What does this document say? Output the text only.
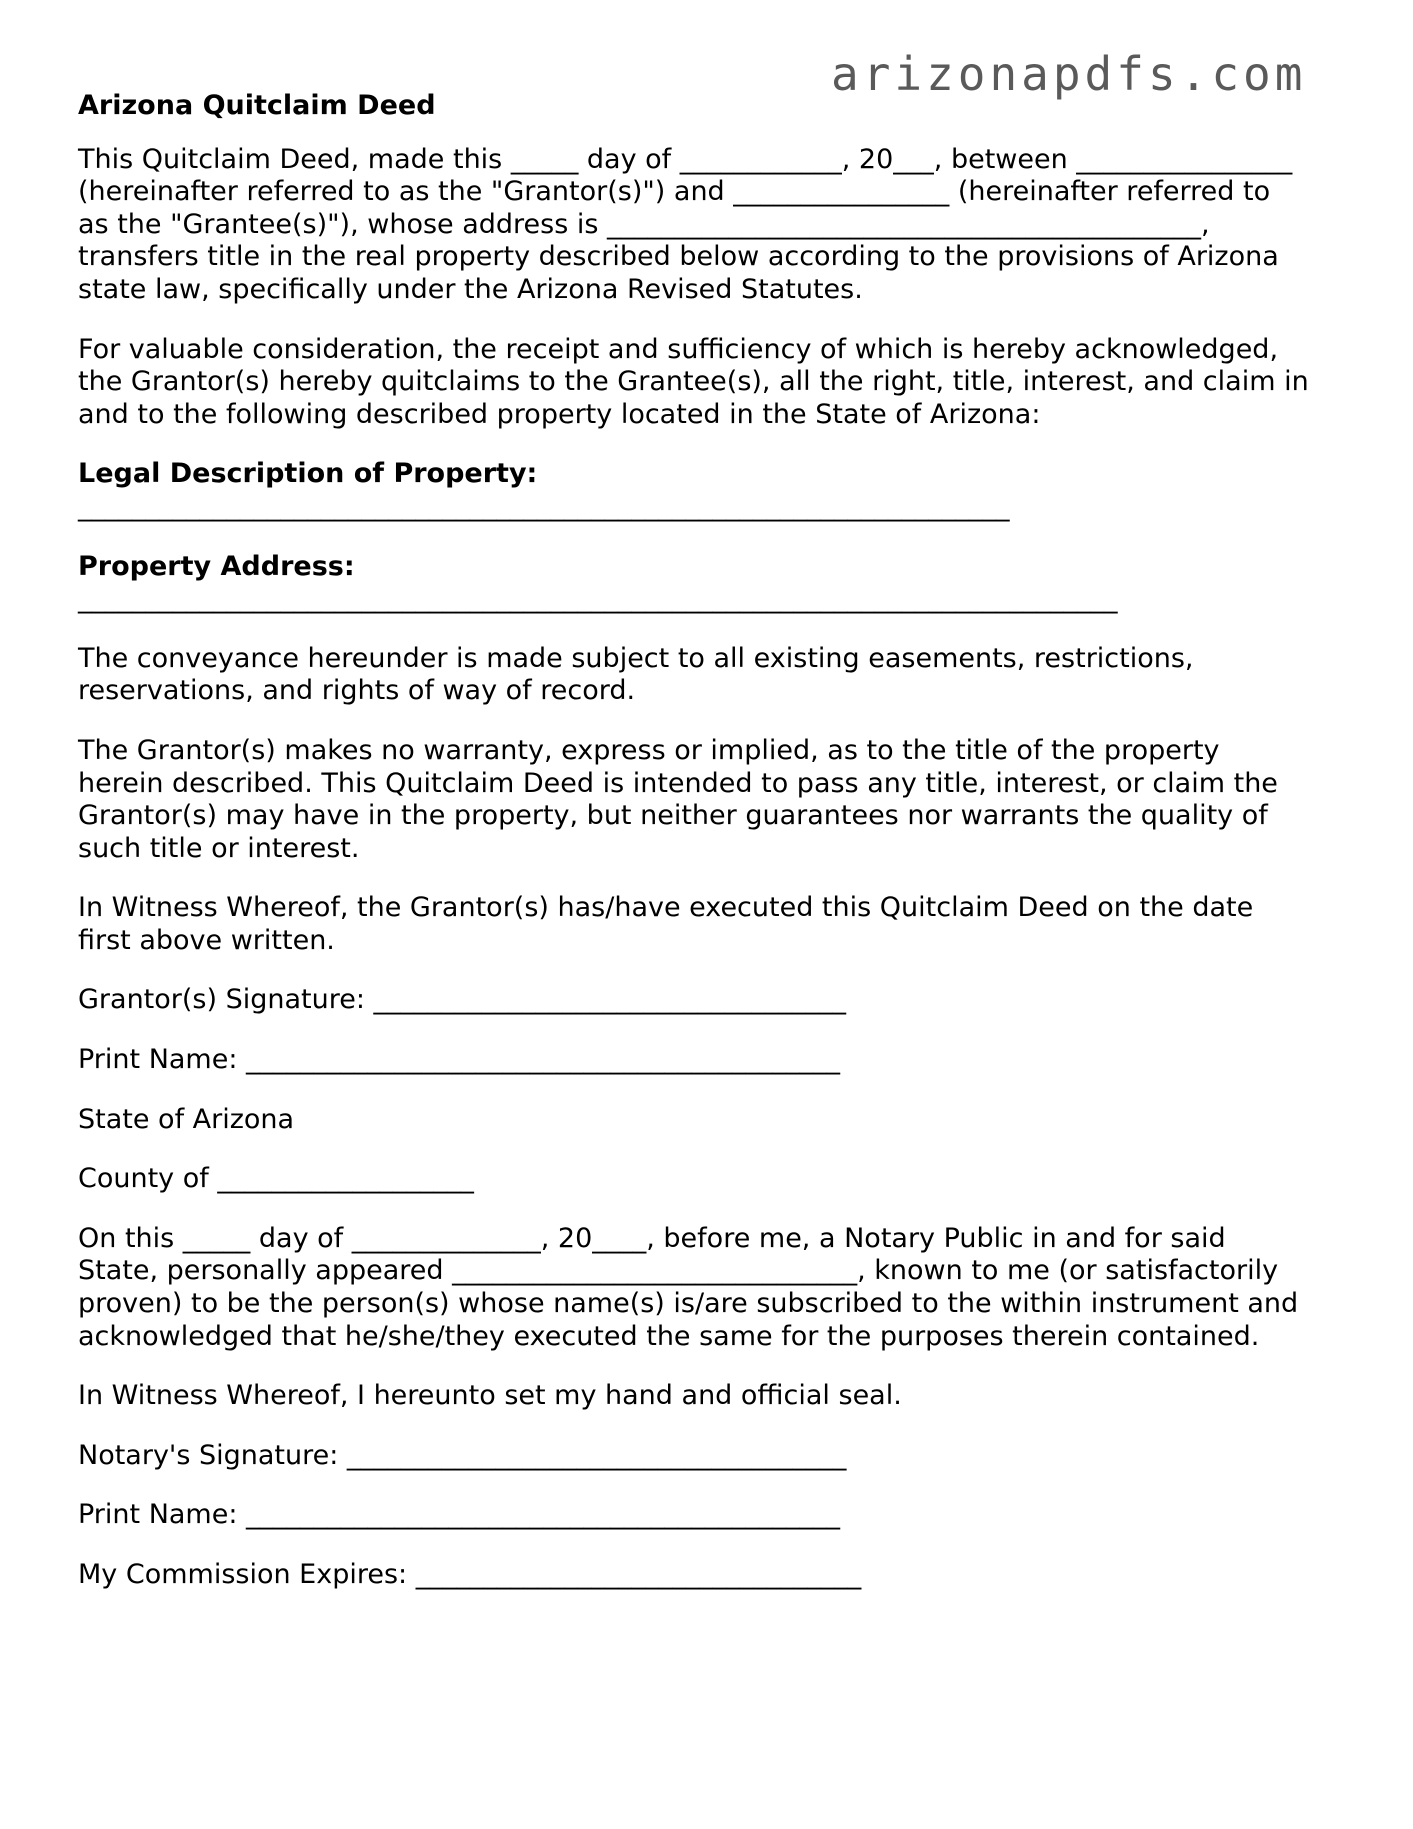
arizonapdfs.com
Arizona Quitclaim Deed

This Quitclaim Deed, made this _____ day of ____________, 20___, between ________________
(hereinafter referred to as the "Grantor(s)") and ________________ (hereinafter referred to
as the "Grantee(s)"), whose address is ____________________________________________,
transfers title in the real property described below according to the provisions of Arizona
state law, specifically under the Arizona Revised Statutes.

For valuable consideration, the receipt and sufficiency of which is hereby acknowledged,
the Grantor(s) hereby quitclaims to the Grantee(s), all the right, title, interest, and claim in
and to the following described property located in the State of Arizona:

Legal Description of Property:
_____________________________________________________________________
Property Address:
_____________________________________________________________________________

The conveyance hereunder is made subject to all existing easements, restrictions,
reservations, and rights of way of record.

The Grantor(s) makes no warranty, express or implied, as to the title of the property
herein described. This Quitclaim Deed is intended to pass any title, interest, or claim the
Grantor(s) may have in the property, but neither guarantees nor warrants the quality of
such title or interest.

In Witness Whereof, the Grantor(s) has/have executed this Quitclaim Deed on the date
first above written.

Grantor(s) Signature: ___________________________________
Print Name: ____________________________________________
State of Arizona
County of ___________________

On this _____ day of ______________, 20____, before me, a Notary Public in and for said
State, personally appeared ______________________________, known to me (or satisfactorily
proven) to be the person(s) whose name(s) is/are subscribed to the within instrument and
acknowledged that he/she/they executed the same for the purposes therein contained.

In Witness Whereof, I hereunto set my hand and official seal.
Notary's Signature: _____________________________________
Print Name: ____________________________________________
My Commission Expires: _________________________________
